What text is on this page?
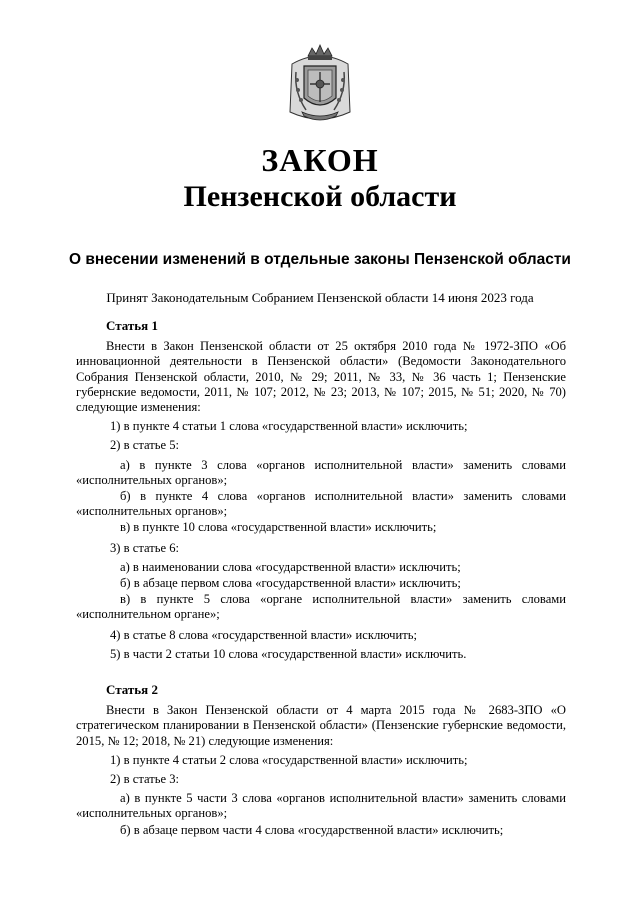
ЗАКОН
Пензенской области
О внесении изменений в отдельные законы Пензенской области
Принят Законодательным Собранием Пензенской области 14 июня 2023 года
Статья 1
Внести в Закон Пензенской области от 25 октября 2010 года № 1972-ЗПО «Об инновационной деятельности в Пензенской области» (Ведомости Законодательного Собрания Пензенской области, 2010, № 29; 2011, № 33, № 36 часть 1; Пензенские губернские ведомости, 2011, № 107; 2012, № 23; 2013, № 107; 2015, № 51; 2020, № 70) следующие изменения:
1) в пункте 4 статьи 1 слова «государственной власти» исключить;
2) в статье 5:
а) в пункте 3 слова «органов исполнительной власти» заменить словами «исполнительных органов»;
б) в пункте 4 слова «органов исполнительной власти» заменить словами «исполнительных органов»;
в) в пункте 10 слова «государственной власти» исключить;
3) в статье 6:
а) в наименовании слова «государственной власти» исключить;
б) в абзаце первом слова «государственной власти» исключить;
в) в пункте 5 слова «органе исполнительной власти» заменить словами «исполнительном органе»;
4) в статье 8 слова «государственной власти» исключить;
5) в части 2 статьи 10 слова «государственной власти» исключить.
Статья 2
Внести в Закон Пензенской области от 4 марта 2015 года № 2683-ЗПО «О стратегическом планировании в Пензенской области» (Пензенские губернские ведомости, 2015, № 12; 2018, № 21) следующие изменения:
1) в пункте 4 статьи 2 слова «государственной власти» исключить;
2) в статье 3:
а) в пункте 5 части 3 слова «органов исполнительной власти» заменить словами «исполнительных органов»;
б) в абзаце первом части 4 слова «государственной власти» исключить;
